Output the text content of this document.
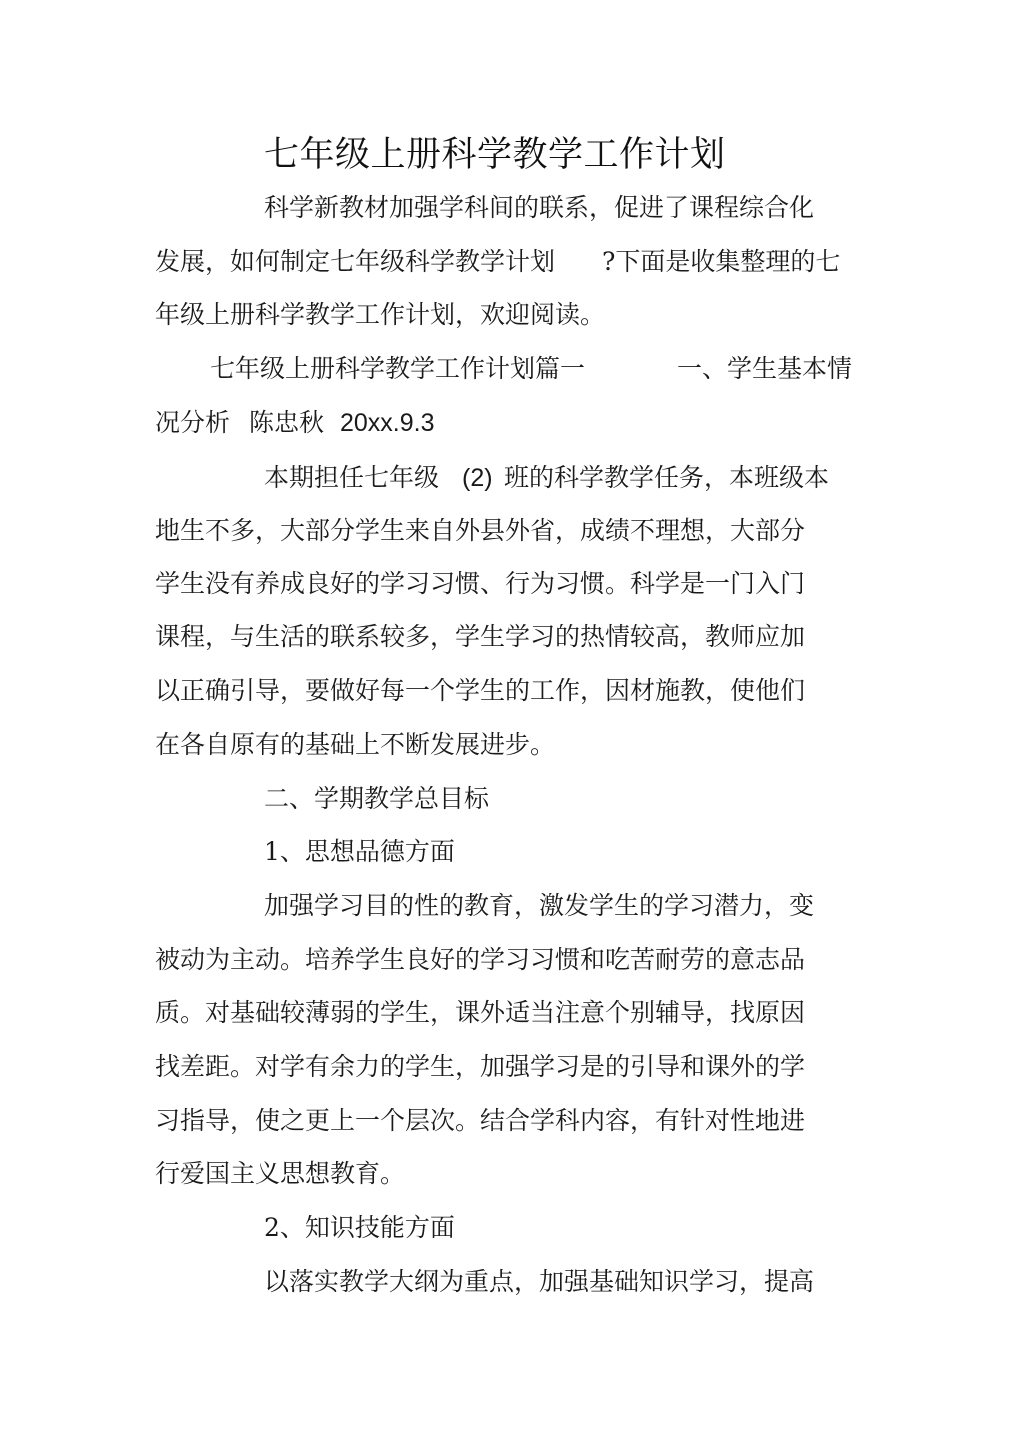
七年级上册科学教学工作计划
科学新教材加强学科间的联系，促进了课程综合化
发展，如何制定七年级科学教学计划 ?下面是收集整理的七
年级上册科学教学工作计划，欢迎阅读。
七年级上册科学教学工作计划篇一	一、学生基本情
况分析 陈忠秋 20xx.9.3
本期担任七年级 (2) 班的科学教学任务，本班级本
地生不多，大部分学生来自外县外省，成绩不理想，大部分
学生没有养成良好的学习习惯、行为习惯。科学是一门入门
课程，与生活的联系较多，学生学习的热情较高，教师应加
以正确引导，要做好每一个学生的工作，因材施教，使他们
在各自原有的基础上不断发展进步。
二、学期教学总目标
1、思想品德方面
加强学习目的性的教育，激发学生的学习潜力，变
被动为主动。培养学生良好的学习习惯和吃苦耐劳的意志品
质。对基础较薄弱的学生，课外适当注意个别辅导，找原因
找差距。对学有余力的学生，加强学习是的引导和课外的学
习指导，使之更上一个层次。结合学科内容，有针对性地进
行爱国主义思想教育。
2、知识技能方面
以落实教学大纲为重点，加强基础知识学习，提高
